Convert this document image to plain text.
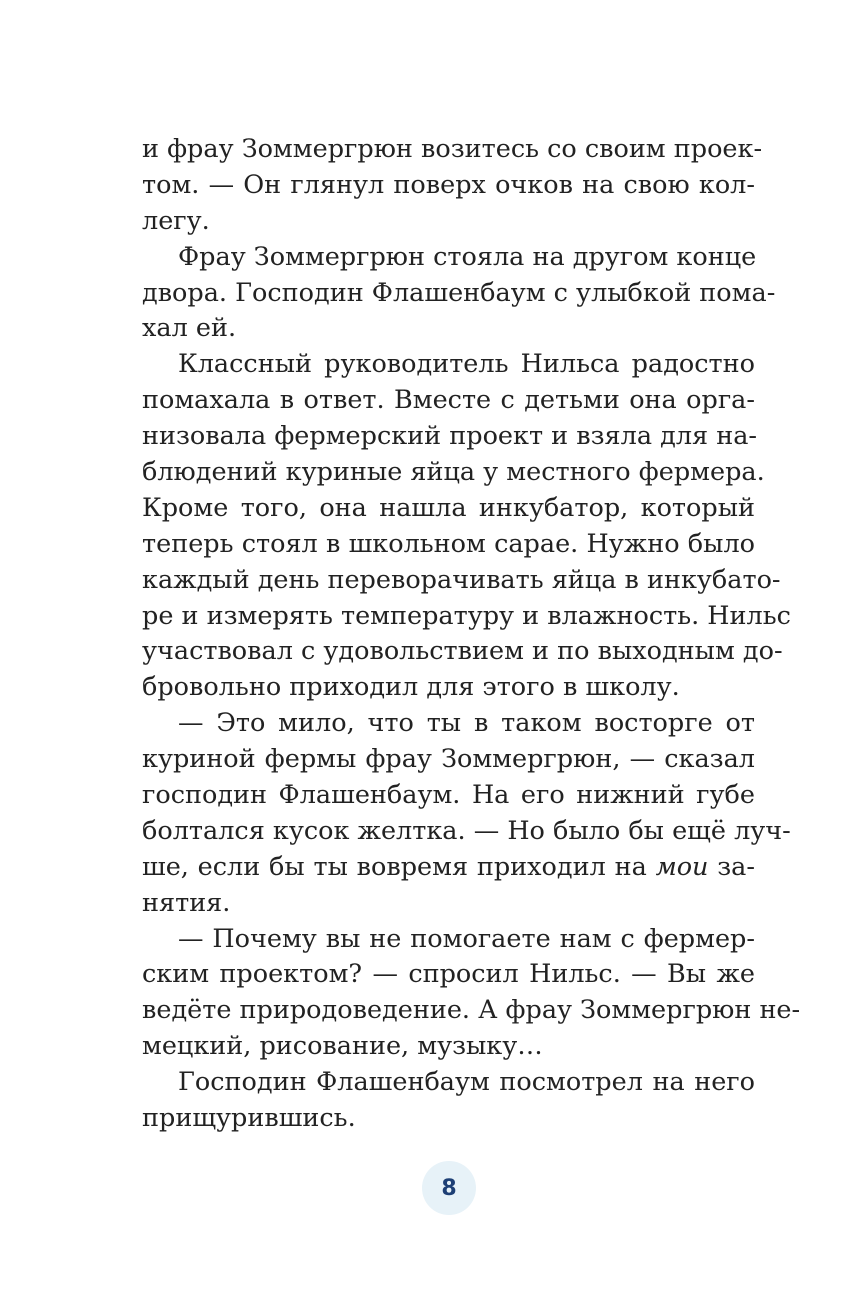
и фрау Зоммергрюн возитесь со своим проек-
том. — Он глянул поверх очков на свою кол-
легу.
Фрау Зоммергрюн стояла на другом конце
двора. Господин Флашенбаум с улыбкой пома-
хал ей.
Классный руководитель Нильса радостно
помахала в ответ. Вместе с детьми она орга-
низовала фермерский проект и взяла для на-
блюдений куриные яйца у местного фермера.
Кроме того, она нашла инкубатор, который
теперь стоял в школьном сарае. Нужно было
каждый день переворачивать яйца в инкубато-
ре и измерять температуру и влажность. Нильс
участвовал с удовольствием и по выходным до-
бровольно приходил для этого в школу.
— Это мило, что ты в таком восторге от
куриной фермы фрау Зоммергрюн, — сказал
господин Флашенбаум. На его нижний губе
болтался кусок желтка. — Но было бы ещё луч-
ше, если бы ты вовремя приходил на мои за-
нятия.
— Почему вы не помогаете нам с фермер-
ским проектом? — спросил Нильс. — Вы же
ведёте природоведение. А фрау Зоммергрюн не-
мецкий, рисование, музыку…
Господин Флашенбаум посмотрел на него
прищурившись.
8
